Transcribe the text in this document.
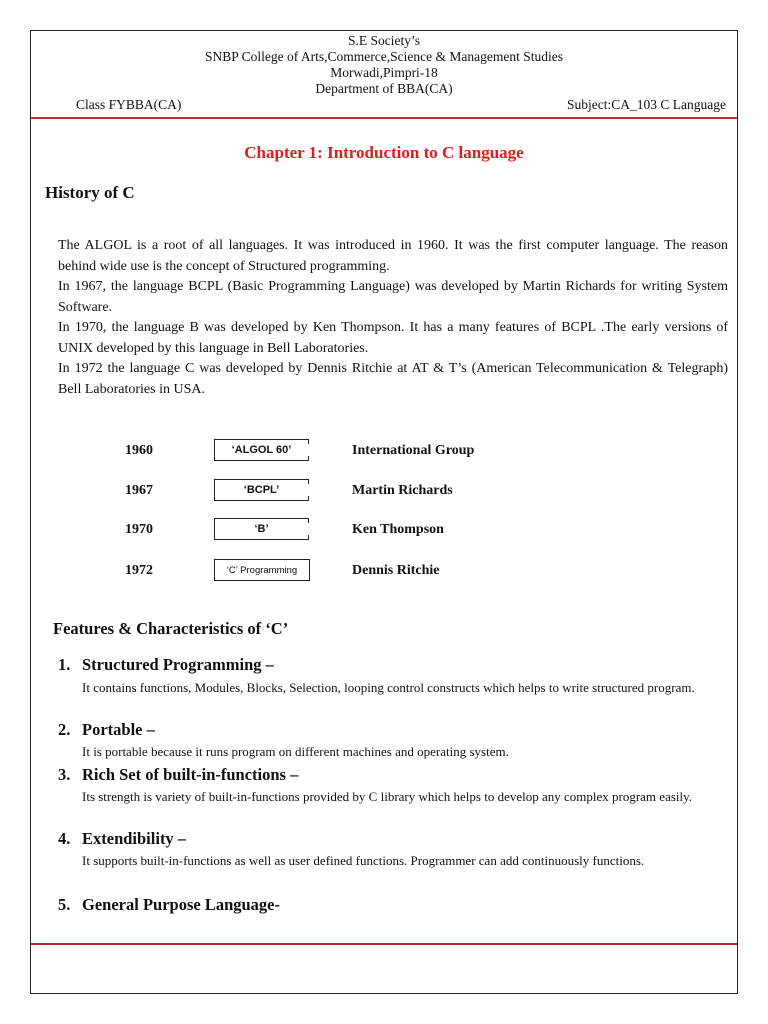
S.E Society’s
SNBP College of Arts,Commerce,Science & Management Studies
Morwadi,Pimpri-18
Department of BBA(CA)
Class FYBBA(CA)	Subject:CA_103 C Language
Chapter 1: Introduction to C language
History of C

The ALGOL is a root of all languages. It was introduced in 1960. It was the first computer language. The reason behind wide use is the concept of Structured programming.

In 1967, the language BCPL (Basic Programming Language) was developed by Martin Richards for writing System Software.

In 1970, the language B was developed by Ken Thompson. It has a many features of BCPL .The early versions of UNIX developed by this language in Bell Laboratories.

In 1972 the language C was developed by Dennis Ritchie at AT & T’s (American Telecommunication & Telegraph) Bell Laboratories in USA.

1960	‘ALGOL 60’	International Group
1967	‘BCPL’	Martin Richards
1970	‘B’	Ken Thompson
1972	‘C’ Programming	Dennis Ritchie
Features & Characteristics of ‘C’
1. Structured Programming –
It contains functions, Modules, Blocks, Selection, looping control constructs which helps to write structured program.
2. Portable –
It is portable because it runs program on different machines and operating system.
3. Rich Set of built-in-functions –
Its strength is variety of built-in-functions provided by C library which helps to develop any complex program easily.
4. Extendibility –
It supports built-in-functions as well as user defined functions. Programmer can add continuously functions.
5. General Purpose Language-
